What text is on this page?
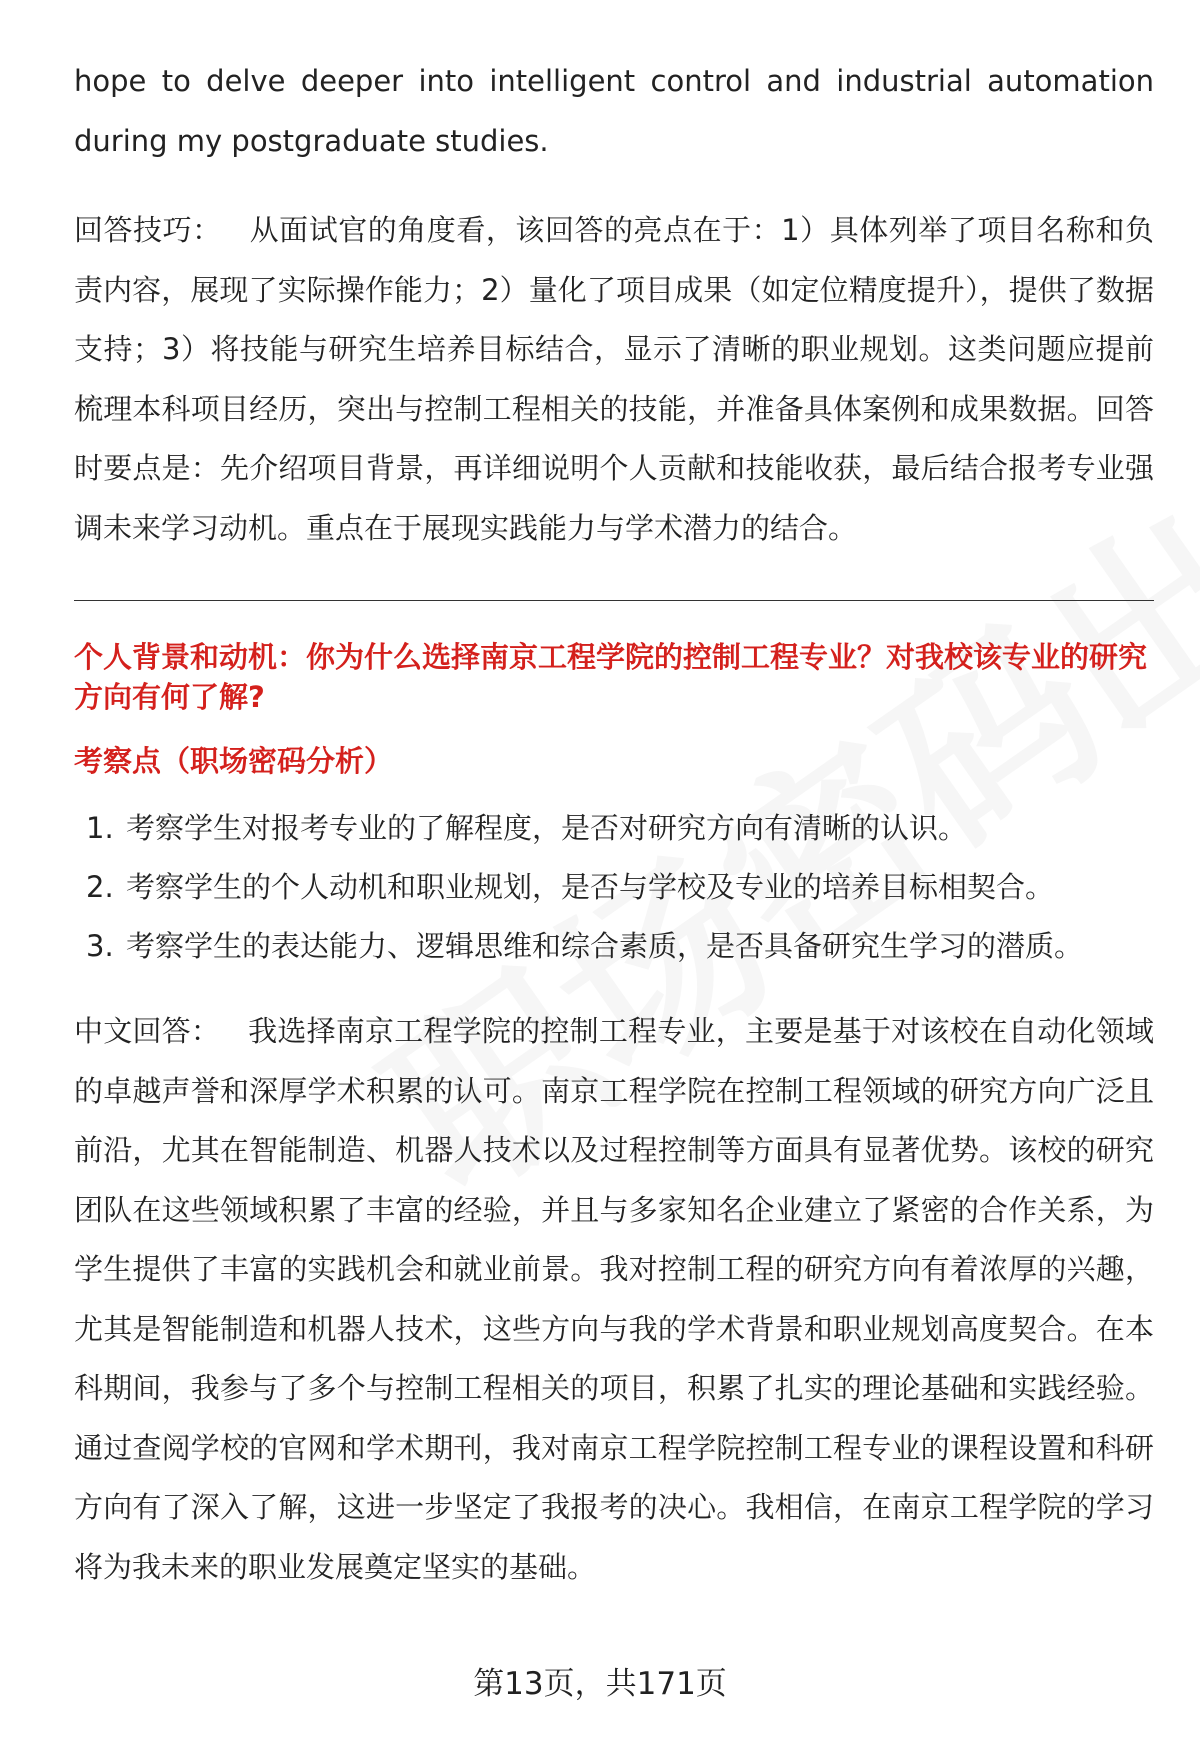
hope to delve deeper into intelligent control and industrial automation during my postgraduate studies.

回答技巧： 从面试官的角度看，该回答的亮点在于：1）具体列举了项目名称和负责内容，展现了实际操作能力；2）量化了项目成果（如定位精度提升），提供了数据支持；3）将技能与研究生培养目标结合，显示了清晰的职业规划。这类问题应提前梳理本科项目经历，突出与控制工程相关的技能，并准备具体案例和成果数据。回答时要点是：先介绍项目背景，再详细说明个人贡献和技能收获，最后结合报考专业强调未来学习动机。重点在于展现实践能力与学术潜力的结合。

个人背景和动机：你为什么选择南京工程学院的控制工程专业？对我校该专业的研究方向有何了解?
考察点（职场密码分析）
1. 考察学生对报考专业的了解程度，是否对研究方向有清晰的认识。
2. 考察学生的个人动机和职业规划，是否与学校及专业的培养目标相契合。
3. 考察学生的表达能力、逻辑思维和综合素质，是否具备研究生学习的潜质。

中文回答： 我选择南京工程学院的控制工程专业，主要是基于对该校在自动化领域的卓越声誉和深厚学术积累的认可。南京工程学院在控制工程领域的研究方向广泛且前沿，尤其在智能制造、机器人技术以及过程控制等方面具有显著优势。该校的研究团队在这些领域积累了丰富的经验，并且与多家知名企业建立了紧密的合作关系，为学生提供了丰富的实践机会和就业前景。我对控制工程的研究方向有着浓厚的兴趣，尤其是智能制造和机器人技术，这些方向与我的学术背景和职业规划高度契合。在本科期间，我参与了多个与控制工程相关的项目，积累了扎实的理论基础和实践经验。通过查阅学校的官网和学术期刊，我对南京工程学院控制工程专业的课程设置和科研方向有了深入了解，这进一步坚定了我报考的决心。我相信，在南京工程学院的学习将为我未来的职业发展奠定坚实的基础。

第13页，共171页
